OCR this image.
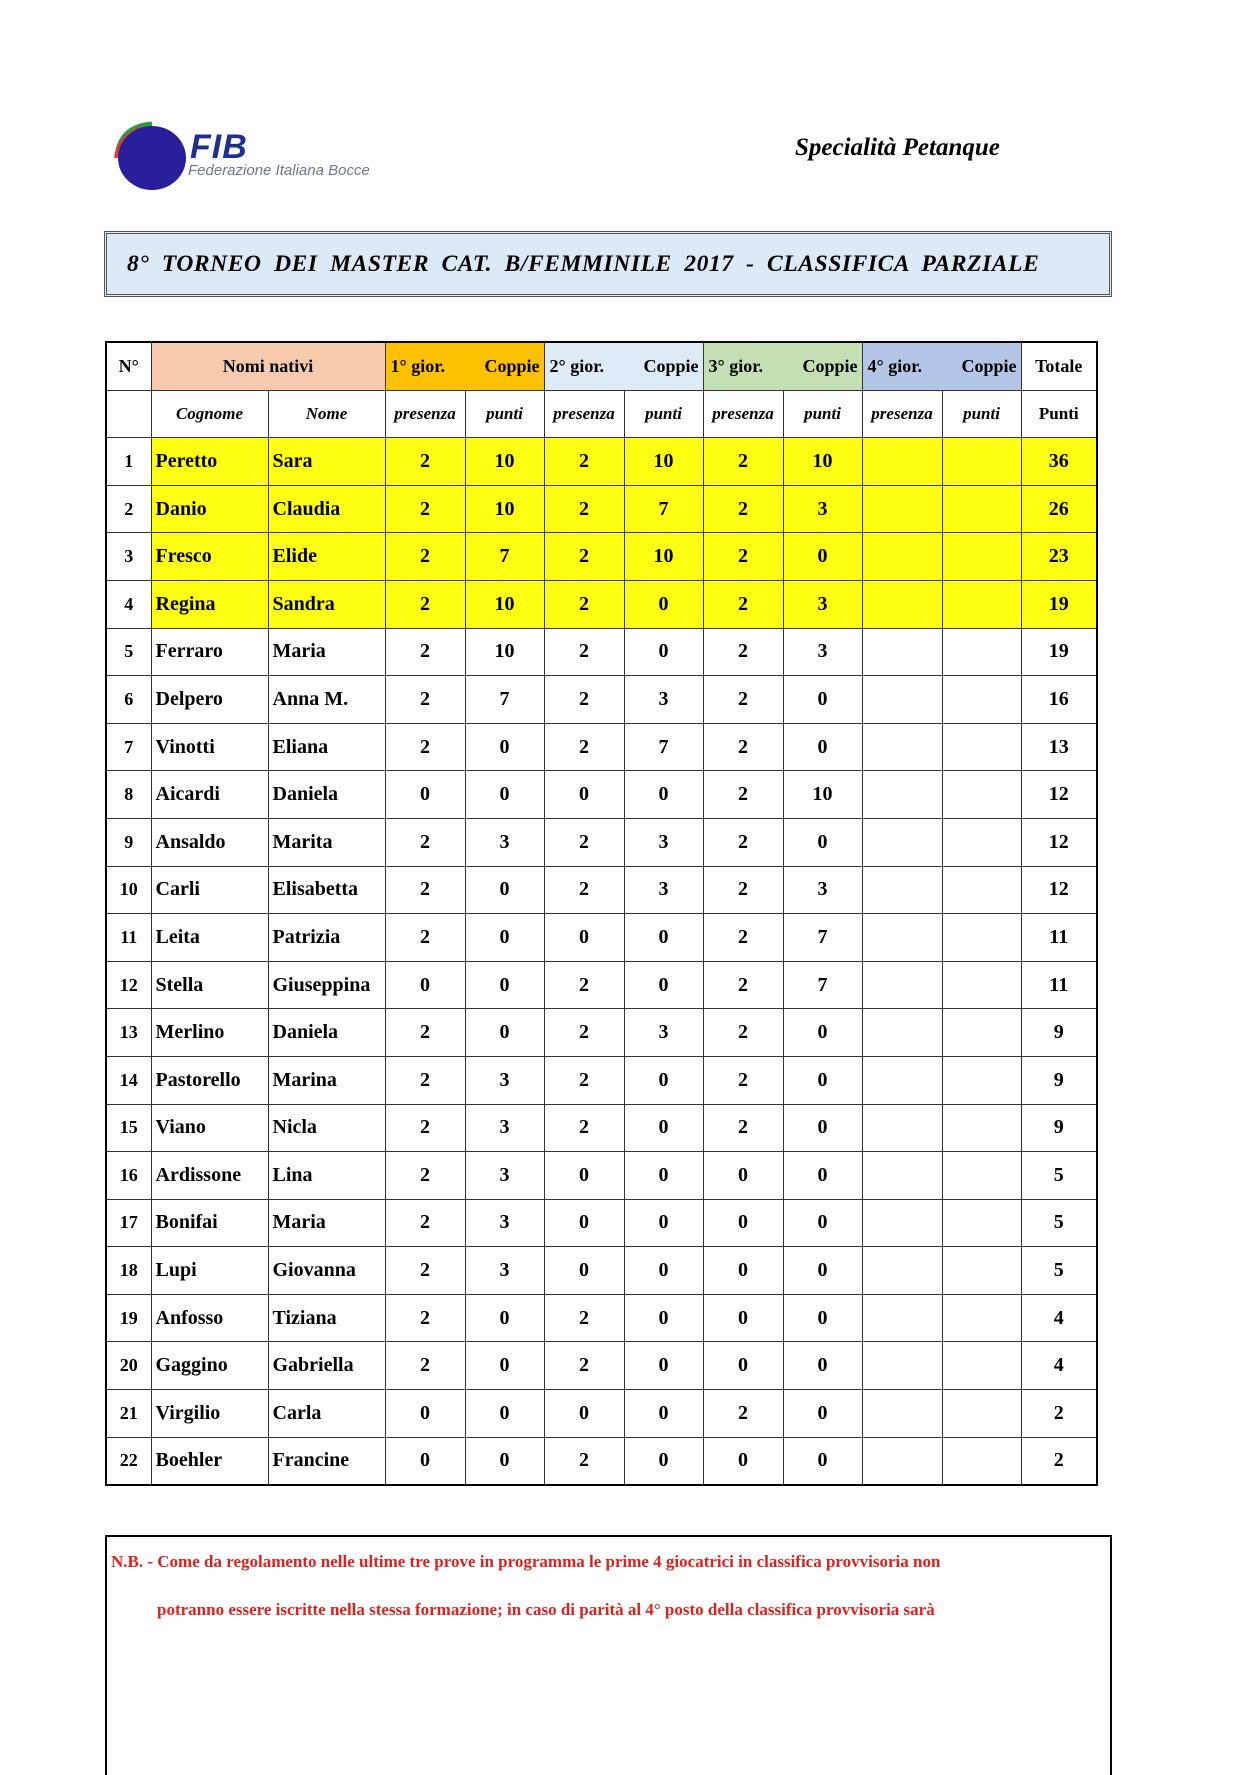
FIB
Federazione Italiana Bocce
Specialità Petanque
8° TORNEO DEI MASTER CAT. B/FEMMINILE 2017 - CLASSIFICA PARZIALE
N°	Nomi nativi		1° gior. Coppie		2° gior. Coppie		3° gior. Coppie		4° gior. Coppie		Totale
	Cognome	Nome	presenza	punti	presenza	punti	presenza	punti	presenza	punti	Punti
1	Peretto	Sara	2	10	2	10	2	10			36
2	Danio	Claudia	2	10	2	7	2	3			26
3	Fresco	Elide	2	7	2	10	2	0			23
4	Regina	Sandra	2	10	2	0	2	3			19
5	Ferraro	Maria	2	10	2	0	2	3			19
6	Delpero	Anna M.	2	7	2	3	2	0			16
7	Vinotti	Eliana	2	0	2	7	2	0			13
8	Aicardi	Daniela	0	0	0	0	2	10			12
9	Ansaldo	Marita	2	3	2	3	2	0			12
10	Carli	Elisabetta	2	0	2	3	2	3			12
11	Leita	Patrizia	2	0	0	0	2	7			11
12	Stella	Giuseppina	0	0	2	0	2	7			11
13	Merlino	Daniela	2	0	2	3	2	0			9
14	Pastorello	Marina	2	3	2	0	2	0			9
15	Viano	Nicla	2	3	2	0	2	0			9
16	Ardissone	Lina	2	3	0	0	0	0			5
17	Bonifai	Maria	2	3	0	0	0	0			5
18	Lupi	Giovanna	2	3	0	0	0	0			5
19	Anfosso	Tiziana	2	0	2	0	0	0			4
20	Gaggino	Gabriella	2	0	2	0	0	0			4
21	Virgilio	Carla	0	0	0	0	2	0			2
22	Boehler	Francine	0	0	2	0	0	0			2
N.B. - Come da regolamento nelle ultime tre prove in programma le prime 4 giocatrici in classifica provvisoria non
potranno essere iscritte nella stessa formazione; in caso di parità al 4° posto della classifica provvisoria sarà
